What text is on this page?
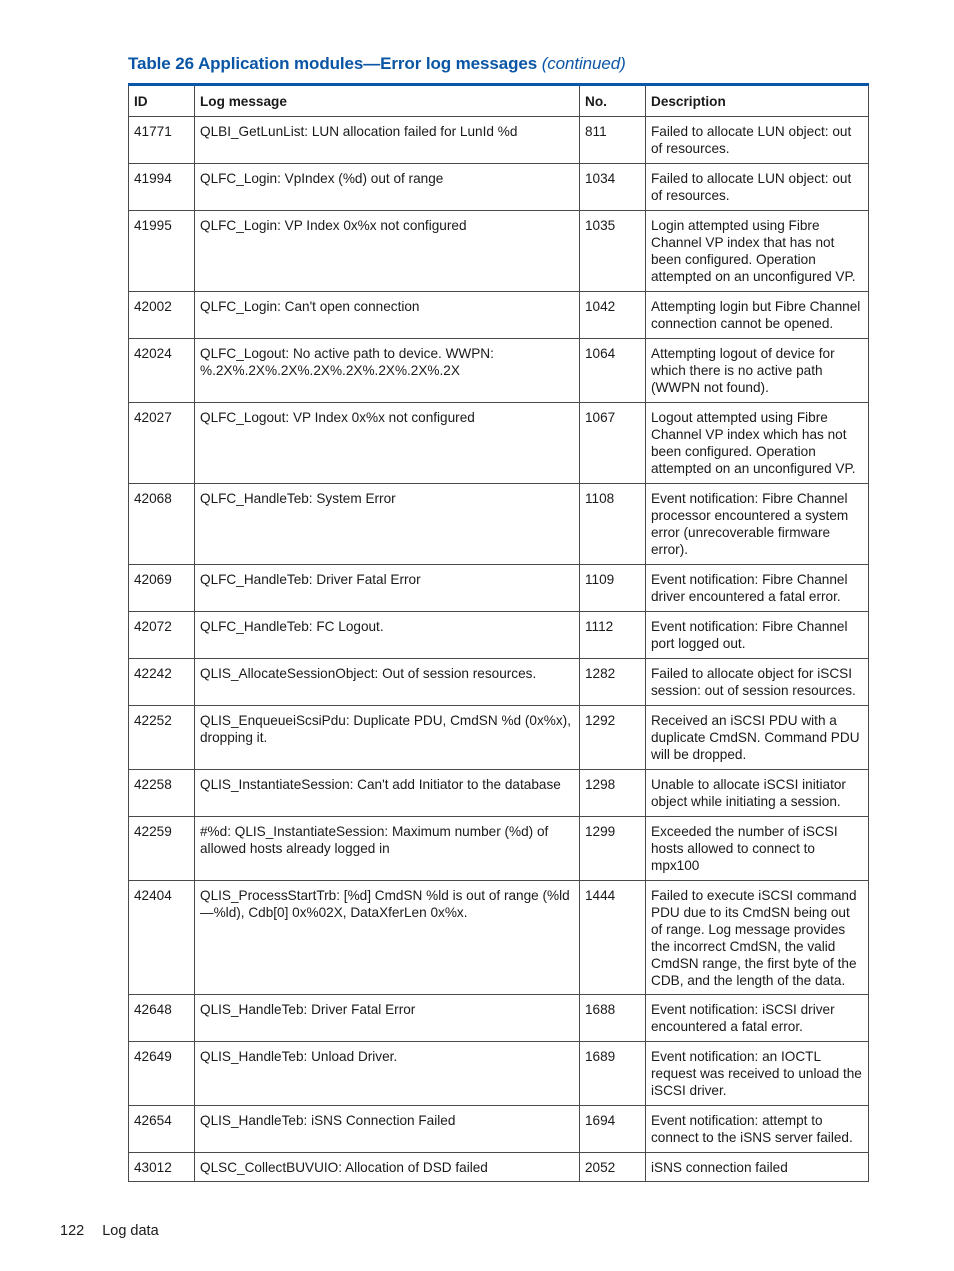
Table 26 Application modules—Error log messages (continued)
ID	Log message	No.	Description
41771	QLBI_GetLunList: LUN allocation failed for LunId %d	811	Failed to allocate LUN object: out of resources.
41994	QLFC_Login: VpIndex (%d) out of range	1034	Failed to allocate LUN object: out of resources.
41995	QLFC_Login: VP Index 0x%x not configured	1035	Login attempted using Fibre Channel VP index that has not been configured. Operation attempted on an unconfigured VP.
42002	QLFC_Login: Can't open connection	1042	Attempting login but Fibre Channel connection cannot be opened.
42024	QLFC_Logout: No active path to device. WWPN: %.2X%.2X%.2X%.2X%.2X%.2X%.2X%.2X	1064	Attempting logout of device for which there is no active path (WWPN not found).
42027	QLFC_Logout: VP Index 0x%x not configured	1067	Logout attempted using Fibre Channel VP index which has not been configured. Operation attempted on an unconfigured VP.
42068	QLFC_HandleTeb: System Error	1108	Event notification: Fibre Channel processor encountered a system error (unrecoverable firmware error).
42069	QLFC_HandleTeb: Driver Fatal Error	1109	Event notification: Fibre Channel driver encountered a fatal error.
42072	QLFC_HandleTeb: FC Logout.	1112	Event notification: Fibre Channel port logged out.
42242	QLIS_AllocateSessionObject: Out of session resources.	1282	Failed to allocate object for iSCSI session: out of session resources.
42252	QLIS_EnqueueiScsiPdu: Duplicate PDU, CmdSN %d (0x%x), dropping it.	1292	Received an iSCSI PDU with a duplicate CmdSN. Command PDU will be dropped.
42258	QLIS_InstantiateSession: Can't add Initiator to the database	1298	Unable to allocate iSCSI initiator object while initiating a session.
42259	#%d: QLIS_InstantiateSession: Maximum number (%d) of allowed hosts already logged in	1299	Exceeded the number of iSCSI hosts allowed to connect to mpx100
42404	QLIS_ProcessStartTrb: [%d] CmdSN %ld is out of range (%ld—%ld), Cdb[0] 0x%02X, DataXferLen 0x%x.	1444	Failed to execute iSCSI command PDU due to its CmdSN being out of range. Log message provides the incorrect CmdSN, the valid CmdSN range, the first byte of the CDB, and the length of the data.
42648	QLIS_HandleTeb: Driver Fatal Error	1688	Event notification: iSCSI driver encountered a fatal error.
42649	QLIS_HandleTeb: Unload Driver.	1689	Event notification: an IOCTL request was received to unload the iSCSI driver.
42654	QLIS_HandleTeb: iSNS Connection Failed	1694	Event notification: attempt to connect to the iSNS server failed.
43012	QLSC_CollectBUVUIO: Allocation of DSD failed	2052	iSNS connection failed
122 Log data
